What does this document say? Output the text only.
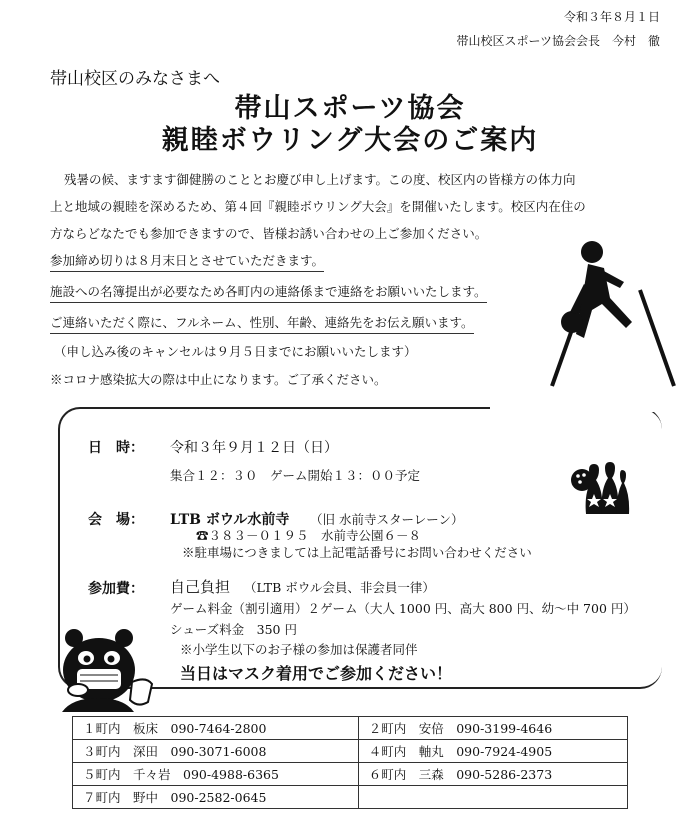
令和３年８月１日
帯山校区スポーツ協会会長　今村　徹
帯山校区のみなさまへ
帯山スポーツ協会
親睦ボウリング大会のご案内

残暑の候、ますます御健勝のこととお慶び申し上げます。この度、校区内の皆様方の体力向

上と地域の親睦を深めるため、第４回『親睦ボウリング大会』を開催いたします。校区内在住の

方ならどなたでも参加できますので、皆様お誘い合わせの上ご参加ください。

参加締め切りは８月末日とさせていただきます。

施設への名簿提出が必要なため各町内の連絡係まで連絡をお願いいたします。

ご連絡いただく際に、フルネーム、性別、年齢、連絡先をお伝え願います。

（申し込み後のキャンセルは９月５日までにお願いいたします）

※コロナ感染拡大の際は中止になります。ご了承ください。

日　時： 令和３年９月１２日（日）
集合１２：３０　ゲーム開始１３：００予定
会　場： LTB ボウル水前寺 （旧 水前寺スターレーン）
☎３８３－０１９５　水前寺公園６－８
※駐車場につきましては上記電話番号にお問い合わせください
参加費： 自己負担 （LTB ボウル会員、非会員一律）
ゲーム料金（割引適用）２ゲーム（大人 1000 円、高大 800 円、幼～中 700 円）
シューズ料金　350 円
※小学生以下のお子様の参加は保護者同伴
当日はマスク着用でご参加ください！
１町内　板床　090-7464-2800	２町内　安倍　090-3199-4646
３町内　深田　090-3071-6008	４町内　軸丸　090-7924-4905
５町内　千々岩　090-4988-6365	６町内　三森　090-5286-2373
７町内　野中　090-2582-0645	
